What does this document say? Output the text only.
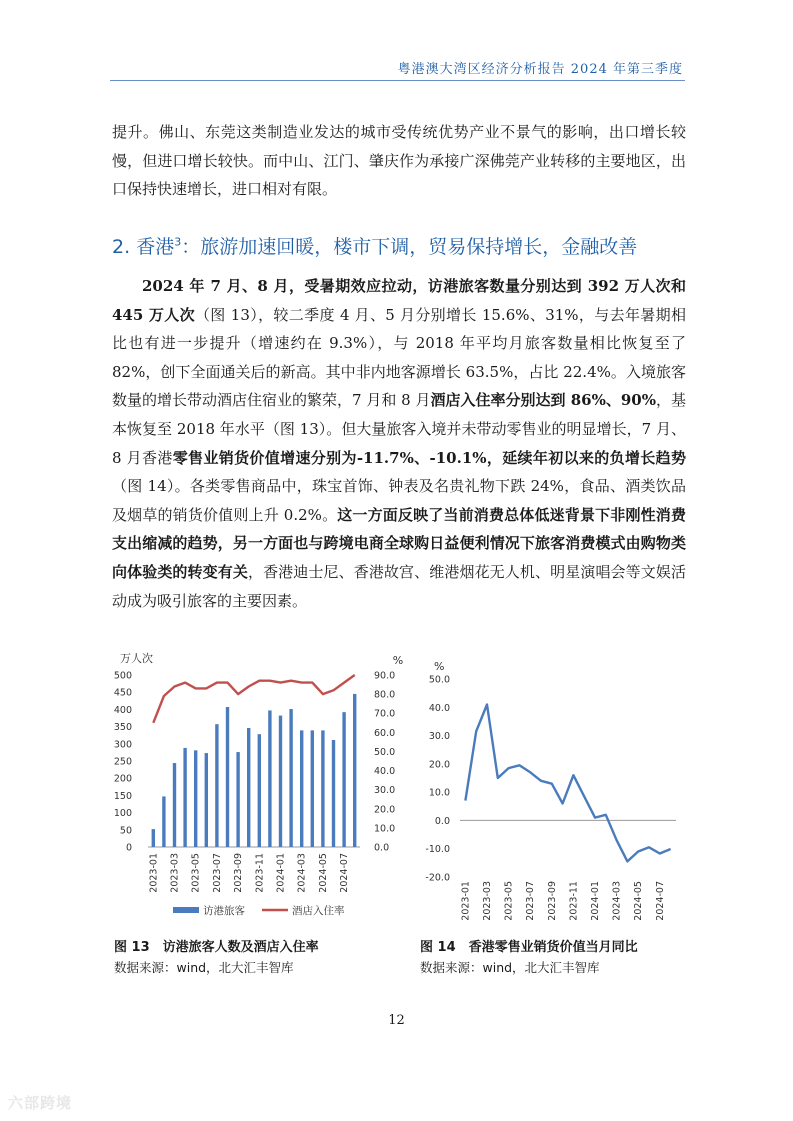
粤港澳大湾区经济分析报告 2024 年第三季度

提升。佛山、东莞这类制造业发达的城市受传统优势产业不景气的影响，出口增长较慢，但进口增长较快。而中山、江门、肇庆作为承接广深佛莞产业转移的主要地区，出口保持快速增长，进口相对有限。

2. 香港$^3$：旅游加速回暖，楼市下调，贸易保持增长，金融改善

2024 年 7 月、8 月，受暑期效应拉动，访港旅客数量分别达到 392 万人次和 445 万人次（图 13），较二季度 4 月、5 月分别增长 15.6%、31%，与去年暑期相比也有进一步提升（增速约在 9.3%），与 2018 年平均月旅客数量相比恢复至了 82%，创下全面通关后的新高。其中非内地客源增长 63.5%，占比 22.4%。入境旅客数量的增长带动酒店住宿业的繁荣，7 月和 8 月酒店入住率分别达到 86%、90%，基本恢复至 2018 年水平（图 13）。但大量旅客入境并未带动零售业的明显增长，7 月、8 月香港零售业销货价值增速分别为-11.7%、-10.1%，延续年初以来的负增长趋势（图 14）。各类零售商品中，珠宝首饰、钟表及名贵礼物下跌 24%，食品、酒类饮品及烟草的销货价值则上升 0.2%。这一方面反映了当前消费总体低迷背景下非刚性消费支出缩减的趋势，另一方面也与跨境电商全球购日益便利情况下旅客消费模式由购物类向体验类的转变有关，香港迪士尼、香港故宫、维港烟花无人机、明星演唱会等文娱活动成为吸引旅客的主要因素。

万人次	%
0
50
100
150
200
250
300
350
400
450
500
0.0
10.0
20.0
30.0
40.0
50.0
60.0
70.0
80.0
90.0
2023-01 2023-03 2023-05 2023-07 2023-09 2023-11 2024-01 2024-03 2024-05 2024-07
访港旅客	酒店入住率
%
-20.0
-10.0
0.0
10.0
20.0
30.0
40.0
50.0
2023-01 2023-03 2023-05 2023-07 2023-09 2023-11 2024-01 2024-03 2024-05 2024-07
图 13　访港旅客人数及酒店入住率
数据来源：wind，北大汇丰智库
图 14　香港零售业销货价值当月同比
数据来源：wind，北大汇丰智库
12
六部跨境
